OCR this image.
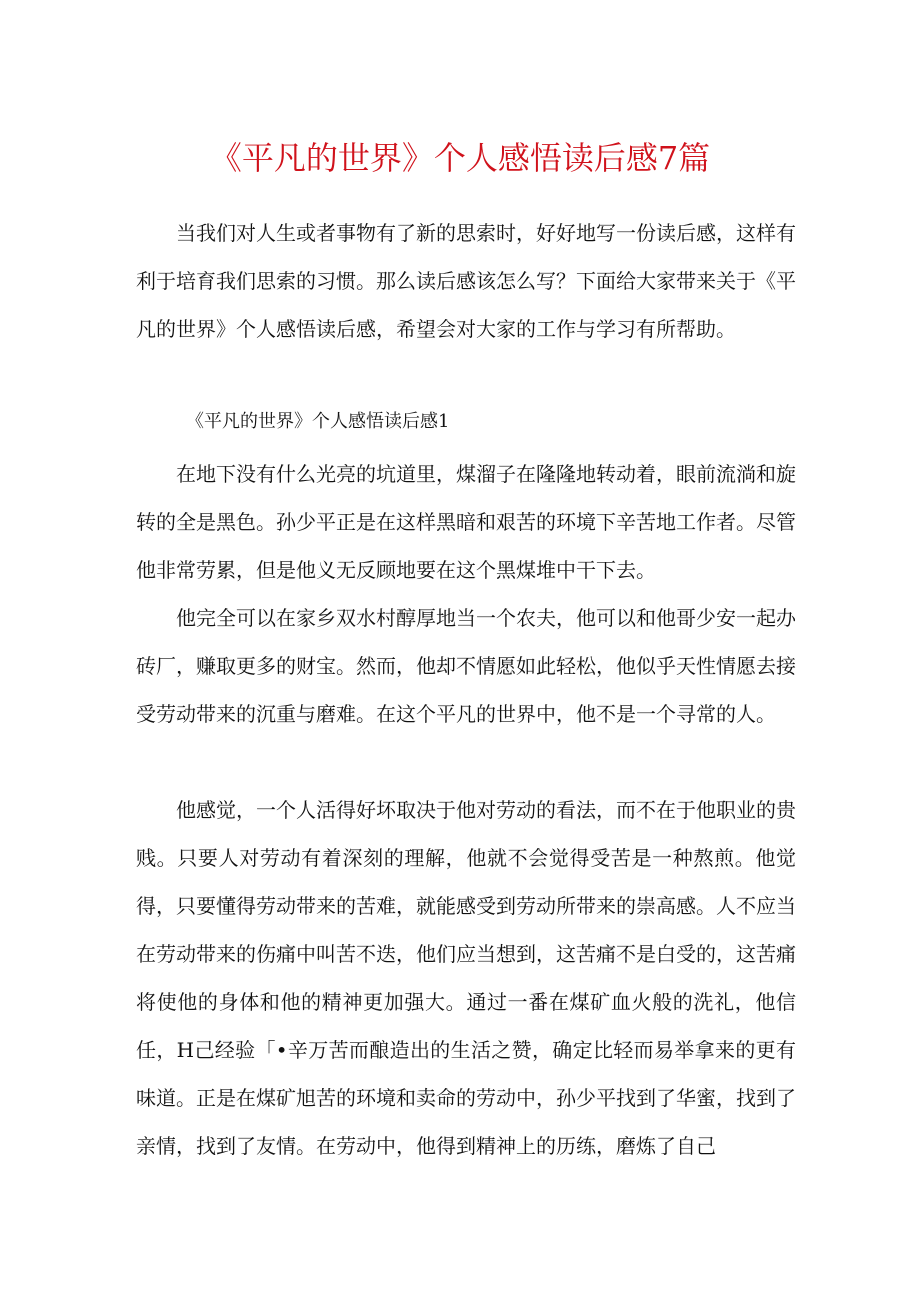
《平凡的世界》个人感悟读后感7篇

当我们对人生或者事物有了新的思索时，好好地写一份读后感，这样有利于培育我们思索的习惯。那么读后感该怎么写？下面给大家带来关于《平凡的世界》个人感悟读后感，希望会对大家的工作与学习有所帮助。

《平凡的世界》个人感悟读后感1

在地下没有什么光亮的坑道里，煤溜子在隆隆地转动着，眼前流淌和旋转的全是黑色。孙少平正是在这样黑暗和艰苦的环境下辛苦地工作者。尽管他非常劳累，但是他义无反顾地要在这个黑煤堆中干下去。

他完全可以在家乡双水村醇厚地当一个农夫，他可以和他哥少安一起办砖厂，赚取更多的财宝。然而，他却不情愿如此轻松，他似乎天性情愿去接受劳动带来的沉重与磨难。在这个平凡的世界中，他不是一个寻常的人。

他感觉，一个人活得好坏取决于他对劳动的看法，而不在于他职业的贵贱。只要人对劳动有着深刻的理解，他就不会觉得受苦是一种熬煎。他觉得，只要懂得劳动带来的苦难，就能感受到劳动所带来的崇高感。人不应当在劳动带来的伤痛中叫苦不迭，他们应当想到，这苦痛不是白受的，这苦痛将使他的身体和他的精神更加强大。通过一番在煤矿血火般的洗礼，他信任，H己经验「•辛万苦而酿造出的生活之赞，确定比轻而易举拿来的更有味道。正是在煤矿旭苦的环境和卖命的劳动中，孙少平找到了华蜜，找到了亲情，找到了友情。在劳动中，他得到精神上的历练，磨炼了自己
